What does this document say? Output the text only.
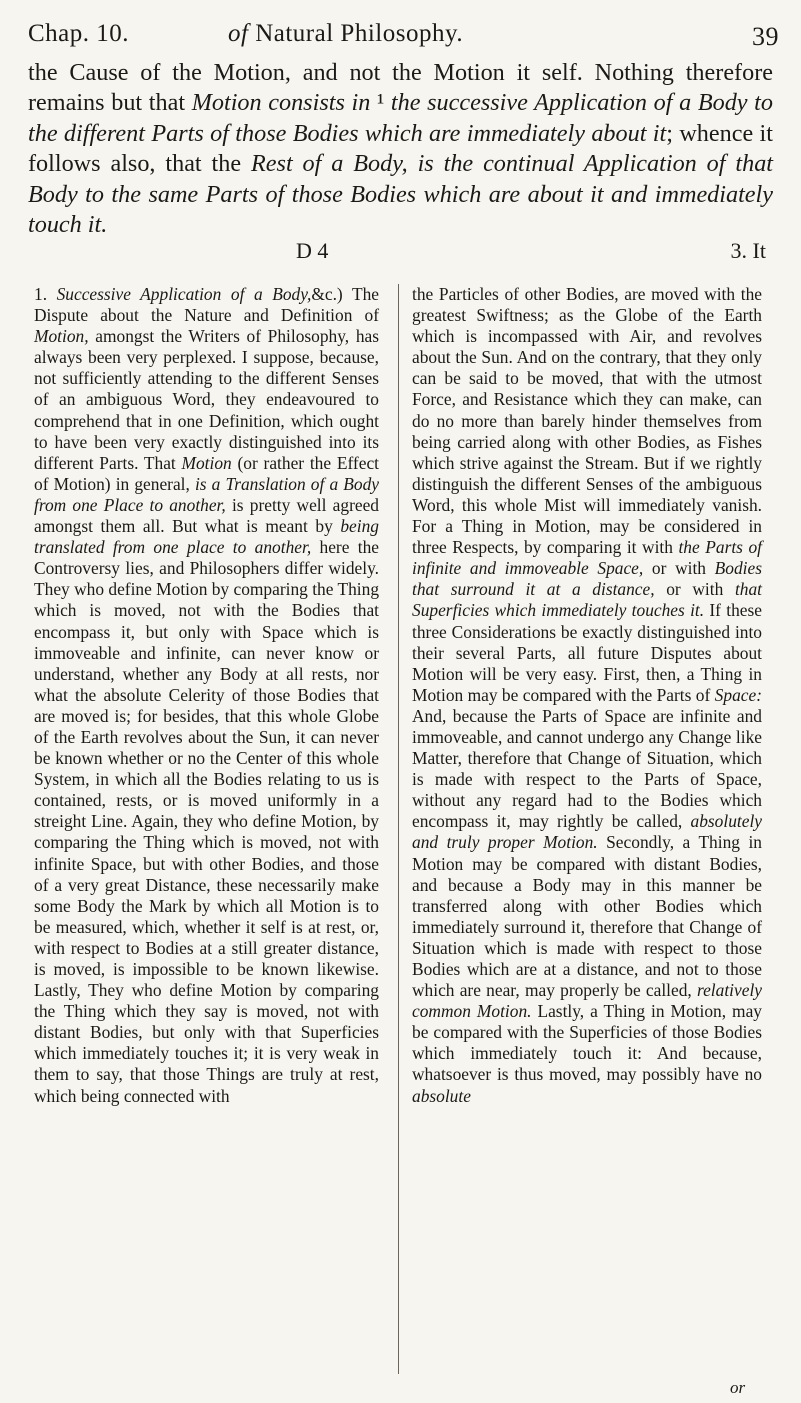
Chap. 10.	of Natural Philosophy.	39

the Cause of the Motion, and not the Motion it self. Nothing therefore remains but that Motion consists in ¹ the successive Application of a Body to the different Parts of those Bodies which are immediately about it; whence it follows also, that the Rest of a Body, is the continual Application of that Body to the same Parts of those Bodies which are about it and immediately touch it.

D 4	3. It

1. Successive Application of a Body,&c.) The Dispute about the Nature and Definition of Motion, amongst the Writers of Philosophy, has always been very perplexed. I suppose, because, not sufficiently attending to the different Senses of an ambiguous Word, they endeavoured to comprehend that in one Definition, which ought to have been very exactly distinguished into its different Parts. That Motion (or rather the Effect of Motion) in general, is a Translation of a Body from one Place to another, is pretty well agreed amongst them all. But what is meant by being translated from one place to another, here the Controversy lies, and Philosophers differ widely. They who define Motion by comparing the Thing which is moved, not with the Bodies that encompass it, but only with Space which is immoveable and infinite, can never know or understand, whether any Body at all rests, nor what the absolute Celerity of those Bodies that are moved is; for besides, that this whole Globe of the Earth revolves about the Sun, it can never be known whether or no the Center of this whole System, in which all the Bodies relating to us is contained, rests, or is moved uniformly in a streight Line. Again, they who define Motion, by comparing the Thing which is moved, not with infinite Space, but with other Bodies, and those of a very great Distance, these necessarily make some Body the Mark by which all Motion is to be measured, which, whether it self is at rest, or, with respect to Bodies at a still greater distance, is moved, is impossible to be known likewise. Lastly, They who define Motion by comparing the Thing which they say is moved, not with distant Bodies, but only with that Superficies which immediately touches it; it is very weak in them to say, that those Things are truly at rest, which being connected with

the Particles of other Bodies, are moved with the greatest Swiftness; as the Globe of the Earth which is incompassed with Air, and revolves about the Sun. And on the contrary, that they only can be said to be moved, that with the utmost Force, and Resistance which they can make, can do no more than barely hinder themselves from being carried along with other Bodies, as Fishes which strive against the Stream. But if we rightly distinguish the different Senses of the ambiguous Word, this whole Mist will immediately vanish. For a Thing in Motion, may be considered in three Respects, by comparing it with the Parts of infinite and immoveable Space, or with Bodies that surround it at a distance, or with that Superficies which immediately touches it. If these three Considerations be exactly distinguished into their several Parts, all future Disputes about Motion will be very easy. First, then, a Thing in Motion may be compared with the Parts of Space: And, because the Parts of Space are infinite and immoveable, and cannot undergo any Change like Matter, therefore that Change of Situation, which is made with respect to the Parts of Space, without any regard had to the Bodies which encompass it, may rightly be called, absolutely and truly proper Motion. Secondly, a Thing in Motion may be compared with distant Bodies, and because a Body may in this manner be transferred along with other Bodies which immediately surround it, therefore that Change of Situation which is made with respect to those Bodies which are at a distance, and not to those which are near, may properly be called, relatively common Motion. Lastly, a Thing in Motion, may be compared with the Superficies of those Bodies which immediately touch it: And because, whatsoever is thus moved, may possibly have no absolute

or
